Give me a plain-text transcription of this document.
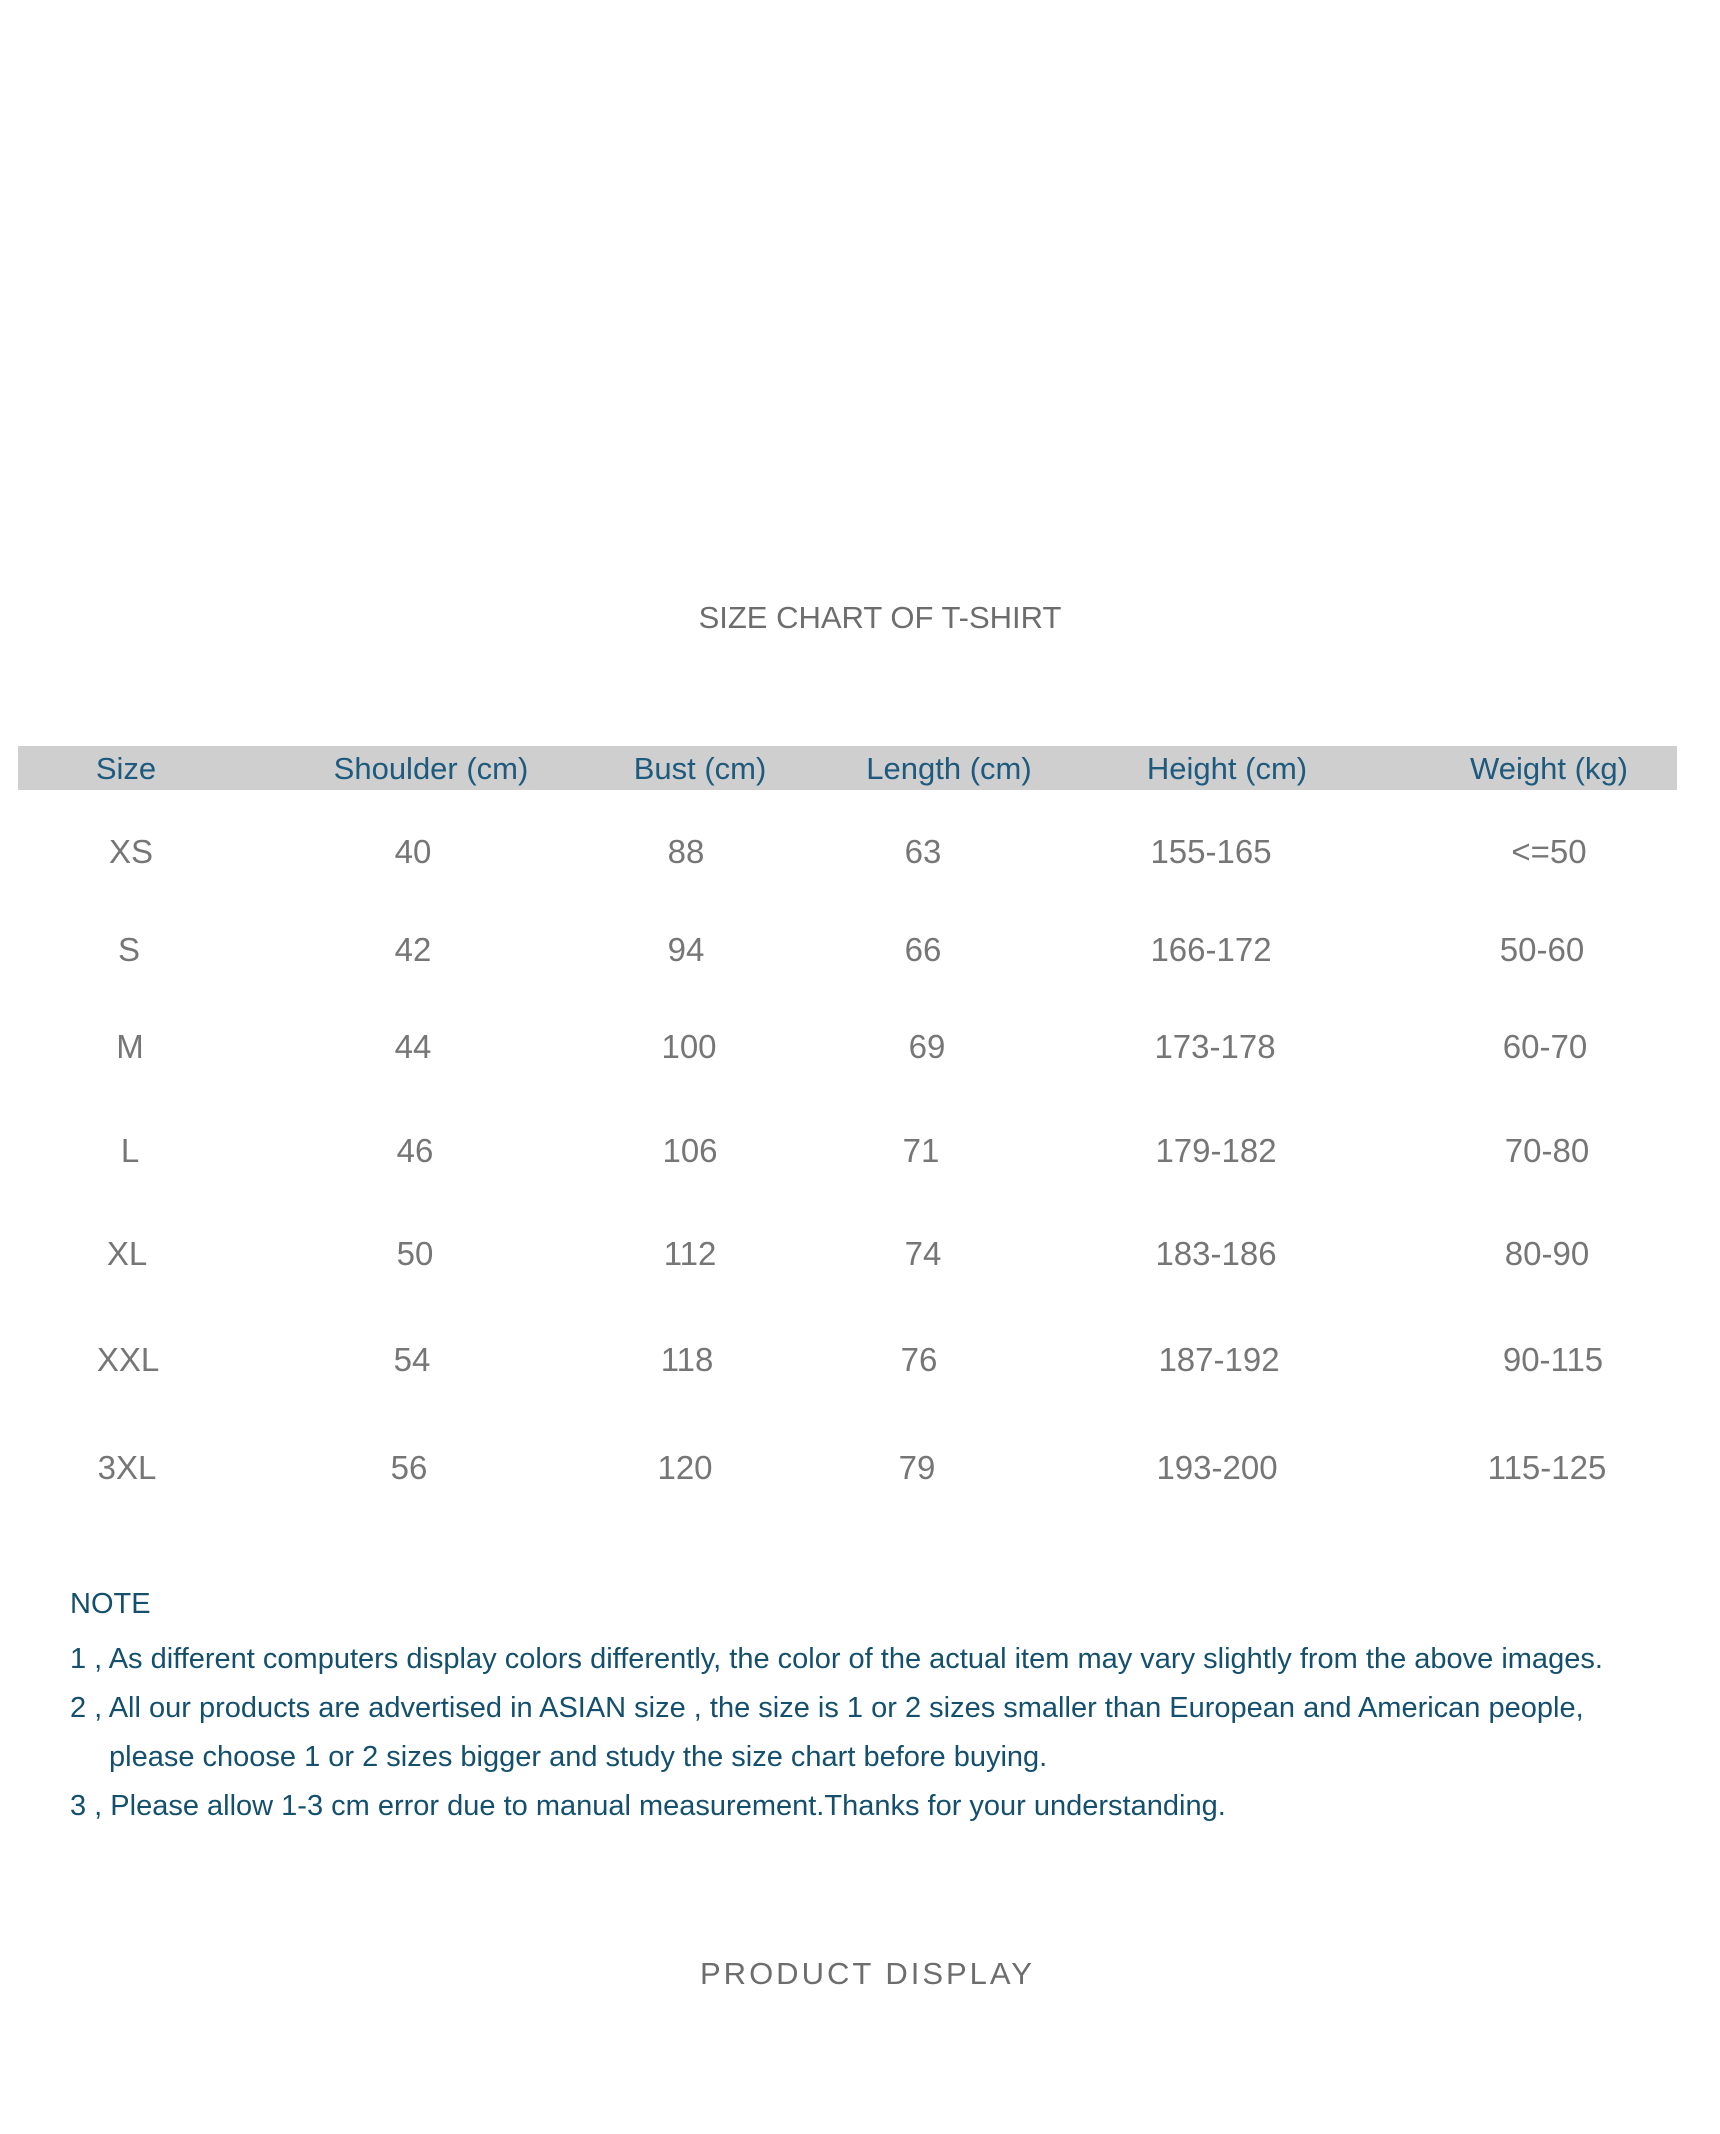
SIZE CHART OF T-SHIRT
Size	Shoulder (cm)	Bust (cm)	Length (cm)	Height (cm)	Weight (kg)
XS	40	88	63	155-165	<=50
S	42	94	66	166-172	50-60
M	44	100	69	173-178	60-70
L	46	106	71	179-182	70-80
XL	50	112	74	183-186	80-90
XXL	54	118	76	187-192	90-115
3XL	56	120	79	193-200	115-125
NOTE
1 , As different computers display colors differently, the color of the actual item may vary slightly from the above images.
2 , All our products are advertised in ASIAN size , the size is 1 or 2 sizes smaller than European and American people,
please choose 1 or 2 sizes bigger and study the size chart before buying.
3 , Please allow 1-3 cm error due to manual measurement.Thanks for your understanding.
PRODUCT DISPLAY
